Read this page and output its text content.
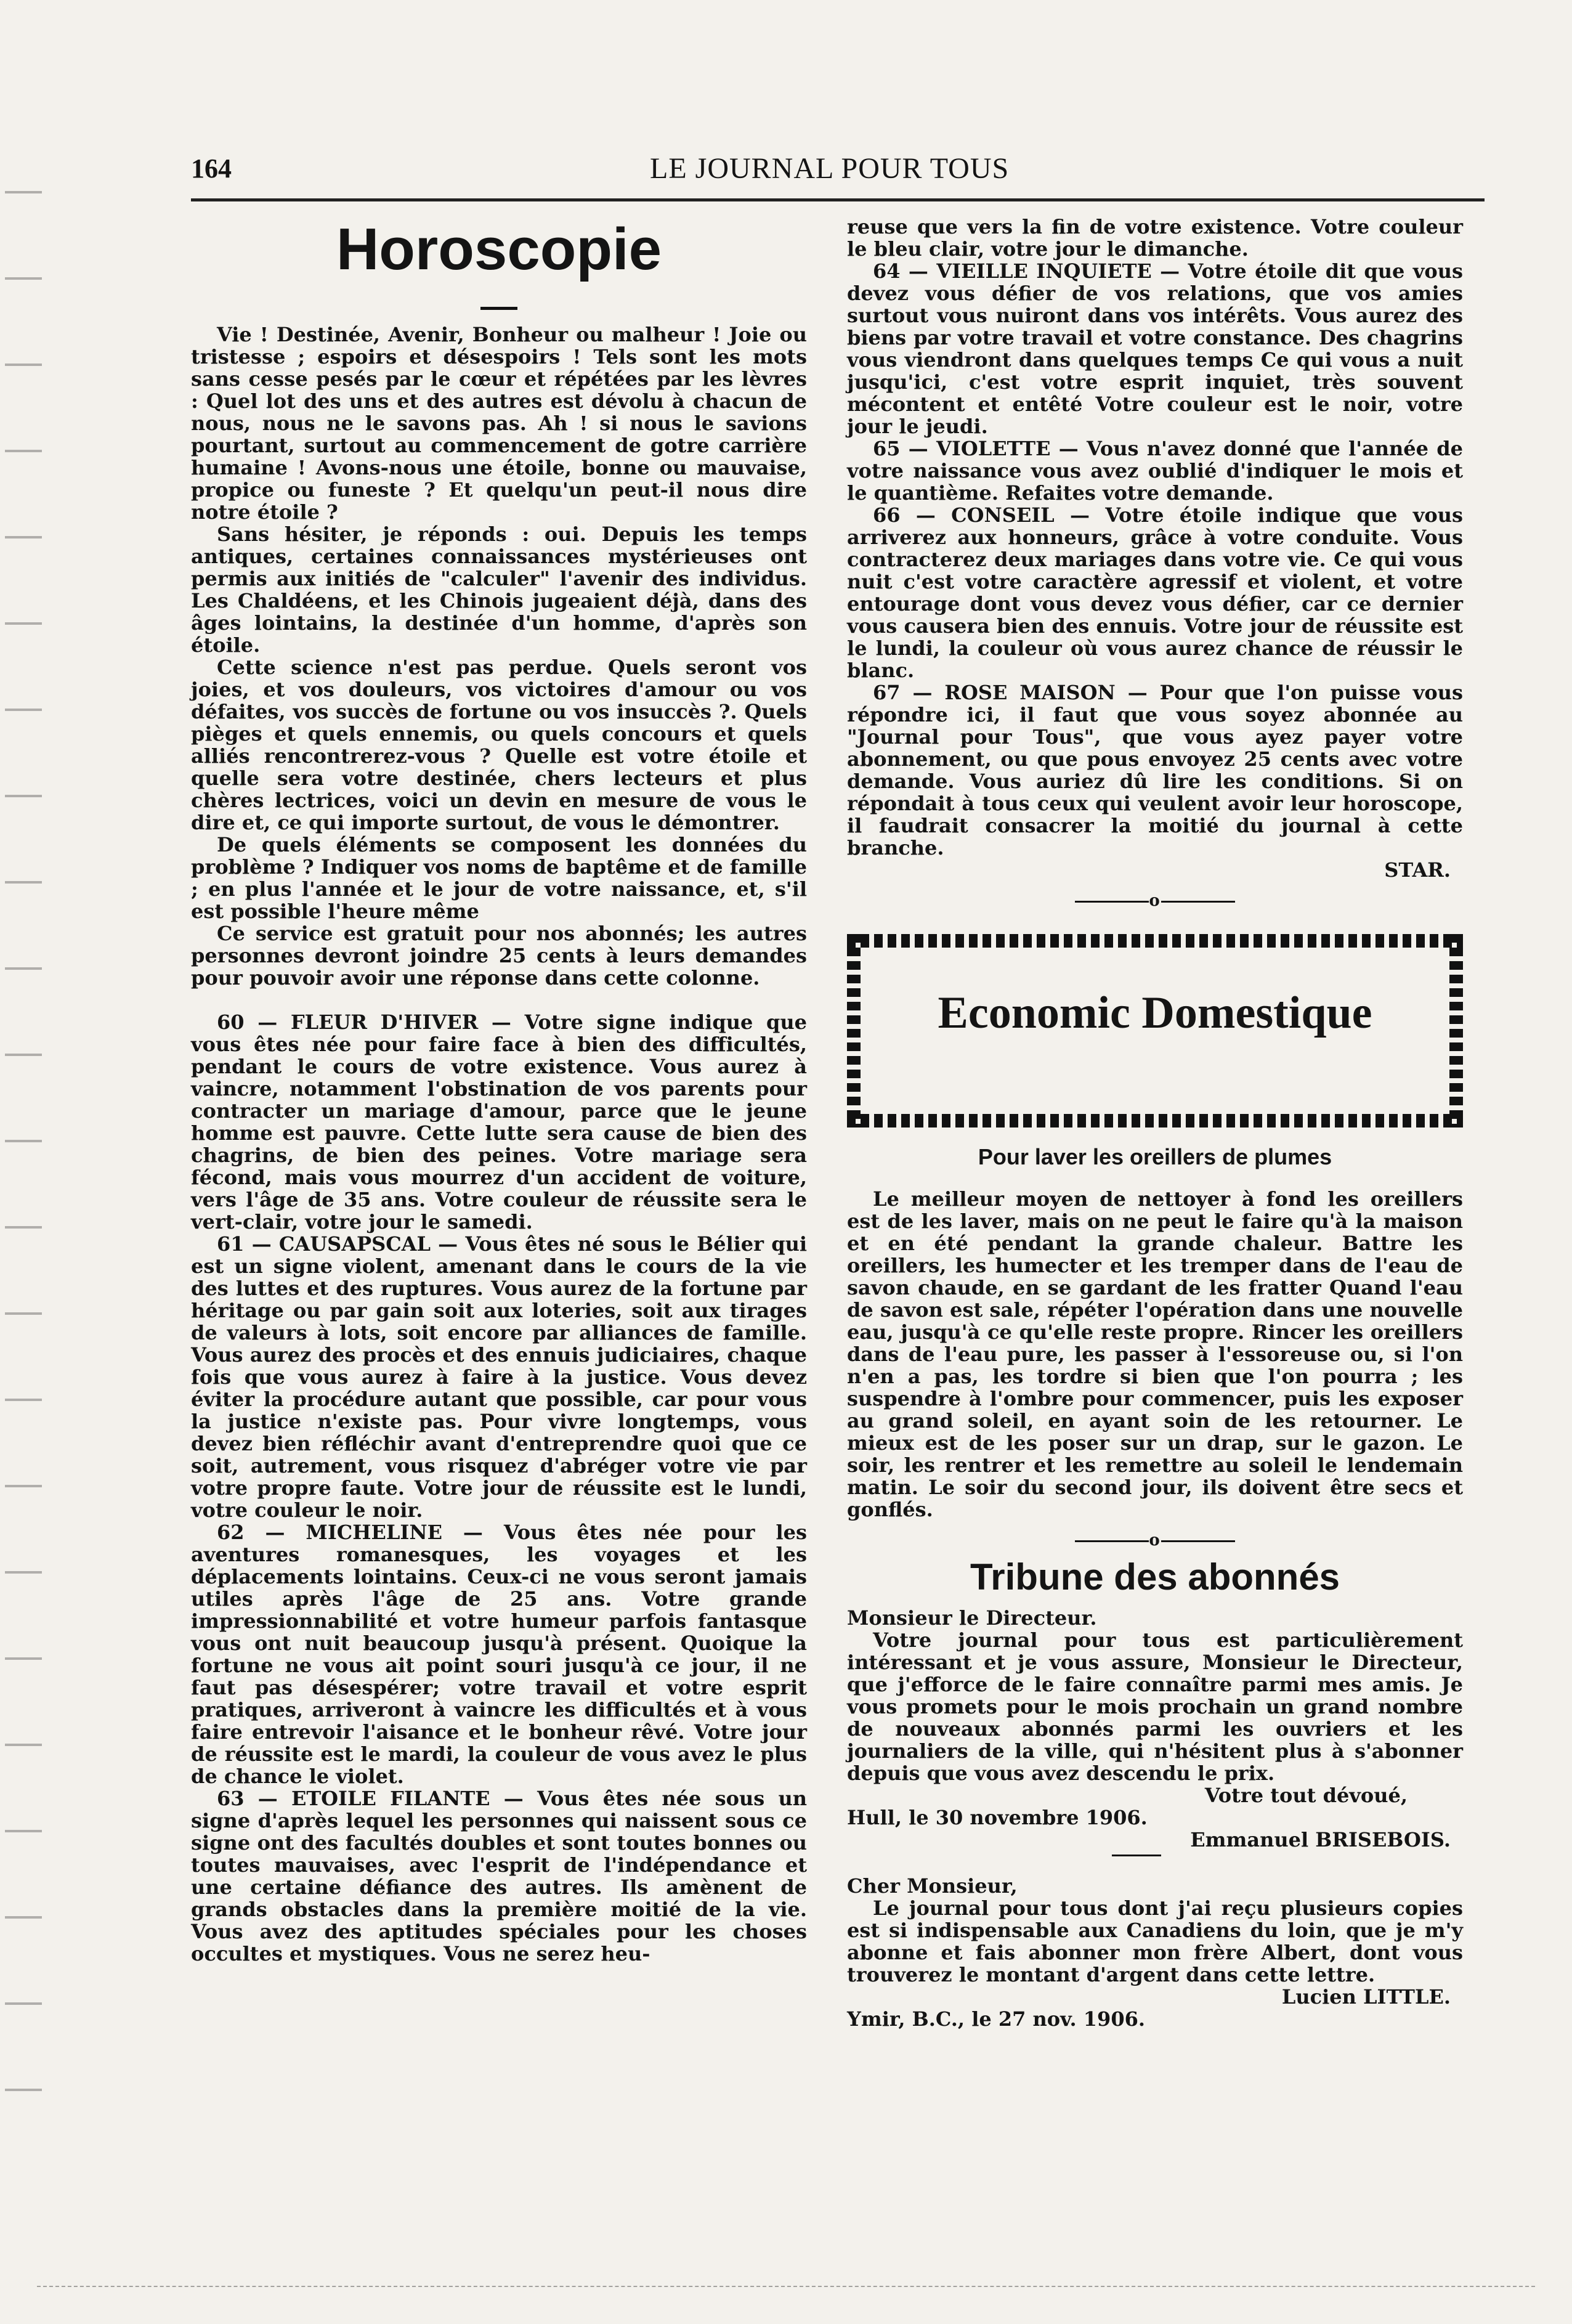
164	LE JOURNAL POUR TOUS
Horoscopie

Vie ! Destinée, Avenir, Bonheur ou malheur ! Joie ou tristesse ; espoirs et désespoirs ! Tels sont les mots sans cesse pesés par le cœur et répétées par les lèvres : Quel lot des uns et des autres est dévolu à chacun de nous, nous ne le savons pas. Ah ! si nous le savions pourtant, surtout au commencement de gotre carrière humaine ! Avons-nous une étoile, bonne ou mauvaise, propice ou funeste ? Et quelqu'un peut-il nous dire notre étoile ?

Sans hésiter, je réponds : oui. Depuis les temps antiques, certaines connaissances mystérieuses ont permis aux initiés de "calculer" l'avenir des individus. Les Chaldéens, et les Chinois jugeaient déjà, dans des âges lointains, la destinée d'un homme, d'après son étoile.

Cette science n'est pas perdue. Quels seront vos joies, et vos douleurs, vos victoires d'amour ou vos défaites, vos succès de fortune ou vos insuccès ?. Quels pièges et quels ennemis, ou quels concours et quels alliés rencontrerez-vous ? Quelle est votre étoile et quelle sera votre destinée, chers lecteurs et plus chères lectrices, voici un devin en mesure de vous le dire et, ce qui importe surtout, de vous le démontrer.

De quels éléments se composent les données du problème ? Indiquer vos noms de baptême et de famille ; en plus l'année et le jour de votre naissance, et, s'il est possible l'heure même

Ce service est gratuit pour nos abonnés; les autres personnes devront joindre 25 cents à leurs demandes pour pouvoir avoir une réponse dans cette colonne.

60 — FLEUR D'HIVER — Votre signe indique que vous êtes née pour faire face à bien des difficultés, pendant le cours de votre existence. Vous aurez à vaincre, notamment l'obstination de vos parents pour contracter un mariage d'amour, parce que le jeune homme est pauvre. Cette lutte sera cause de bien des chagrins, de bien des peines. Votre mariage sera fécond, mais vous mourrez d'un accident de voiture, vers l'âge de 35 ans. Votre couleur de réussite sera le vert-clair, votre jour le samedi.

61 — CAUSAPSCAL — Vous êtes né sous le Bélier qui est un signe violent, amenant dans le cours de la vie des luttes et des ruptures. Vous aurez de la fortune par héritage ou par gain soit aux loteries, soit aux tirages de valeurs à lots, soit encore par alliances de famille. Vous aurez des procès et des ennuis judiciaires, chaque fois que vous aurez à faire à la justice. Vous devez éviter la procédure autant que possible, car pour vous la justice n'existe pas. Pour vivre longtemps, vous devez bien réfléchir avant d'entreprendre quoi que ce soit, autrement, vous risquez d'abréger votre vie par votre propre faute. Votre jour de réussite est le lundi, votre couleur le noir.

62 — MICHELINE — Vous êtes née pour les aventures romanesques, les voyages et les déplacements lointains. Ceux-ci ne vous seront jamais utiles après l'âge de 25 ans. Votre grande impressionnabilité et votre humeur parfois fantasque vous ont nuit beaucoup jusqu'à présent. Quoique la fortune ne vous ait point souri jusqu'à ce jour, il ne faut pas désespérer; votre travail et votre esprit pratiques, arriveront à vaincre les difficultés et à vous faire entrevoir l'aisance et le bonheur rêvé. Votre jour de réussite est le mardi, la couleur de vous avez le plus de chance le violet.

63 — ETOILE FILANTE — Vous êtes née sous un signe d'après lequel les personnes qui naissent sous ce signe ont des facultés doubles et sont toutes bonnes ou toutes mauvaises, avec l'esprit de l'indépendance et une certaine défiance des autres. Ils amènent de grands obstacles dans la première moitié de la vie. Vous avez des aptitudes spéciales pour les choses occultes et mystiques. Vous ne serez heu-

reuse que vers la fin de votre existence. Votre couleur le bleu clair, votre jour le dimanche.

64 — VIEILLE INQUIETE — Votre étoile dit que vous devez vous défier de vos relations, que vos amies surtout vous nuiront dans vos intérêts. Vous aurez des biens par votre travail et votre constance. Des chagrins vous viendront dans quelques temps Ce qui vous a nuit jusqu'ici, c'est votre esprit inquiet, très souvent mécontent et entêté Votre couleur est le noir, votre jour le jeudi.

65 — VIOLETTE — Vous n'avez donné que l'année de votre naissance vous avez oublié d'indiquer le mois et le quantième. Refaites votre demande.

66 — CONSEIL — Votre étoile indique que vous arriverez aux honneurs, grâce à votre conduite. Vous contracterez deux mariages dans votre vie. Ce qui vous nuit c'est votre caractère agressif et violent, et votre entourage dont vous devez vous défier, car ce dernier vous causera bien des ennuis. Votre jour de réussite est le lundi, la couleur où vous aurez chance de réussir le blanc.

67 — ROSE MAISON — Pour que l'on puisse vous répondre ici, il faut que vous soyez abonnée au "Journal pour Tous", que vous ayez payer votre abonnement, ou que pous envoyez 25 cents avec votre demande. Vous auriez dû lire les conditions. Si on répondait à tous ceux qui veulent avoir leur horoscope, il faudrait consacrer la moitié du journal à cette branche.

STAR.
o
Economic Domestique
Pour laver les oreillers de plumes

Le meilleur moyen de nettoyer à fond les oreillers est de les laver, mais on ne peut le faire qu'à la maison et en été pendant la grande chaleur. Battre les oreillers, les humecter et les tremper dans de l'eau de savon chaude, en se gardant de les fratter Quand l'eau de savon est sale, répéter l'opération dans une nouvelle eau, jusqu'à ce qu'elle reste propre. Rincer les oreillers dans de l'eau pure, les passer à l'essoreuse ou, si l'on n'en a pas, les tordre si bien que l'on pourra ; les suspendre à l'ombre pour commencer, puis les exposer au grand soleil, en ayant soin de les retourner. Le mieux est de les poser sur un drap, sur le gazon. Le soir, les rentrer et les remettre au soleil le lendemain matin. Le soir du second jour, ils doivent être secs et gonflés.

o
Tribune des abonnés

Monsieur le Directeur.

Votre journal pour tous est particulièrement intéressant et je vous assure, Monsieur le Directeur, que j'efforce de le faire connaître parmi mes amis. Je vous promets pour le mois prochain un grand nombre de nouveaux abonnés parmi les ouvriers et les journaliers de la ville, qui n'hésitent plus à s'abonner depuis que vous avez descendu le prix.

Votre tout dévoué,

Hull, le 30 novembre 1906.

Emmanuel BRISEBOIS.

Cher Monsieur,

Le journal pour tous dont j'ai reçu plusieurs copies est si indispensable aux Canadiens du loin, que je m'y abonne et fais abonner mon frère Albert, dont vous trouverez le montant d'argent dans cette lettre.

Lucien LITTLE.

Ymir, B.C., le 27 nov. 1906.
